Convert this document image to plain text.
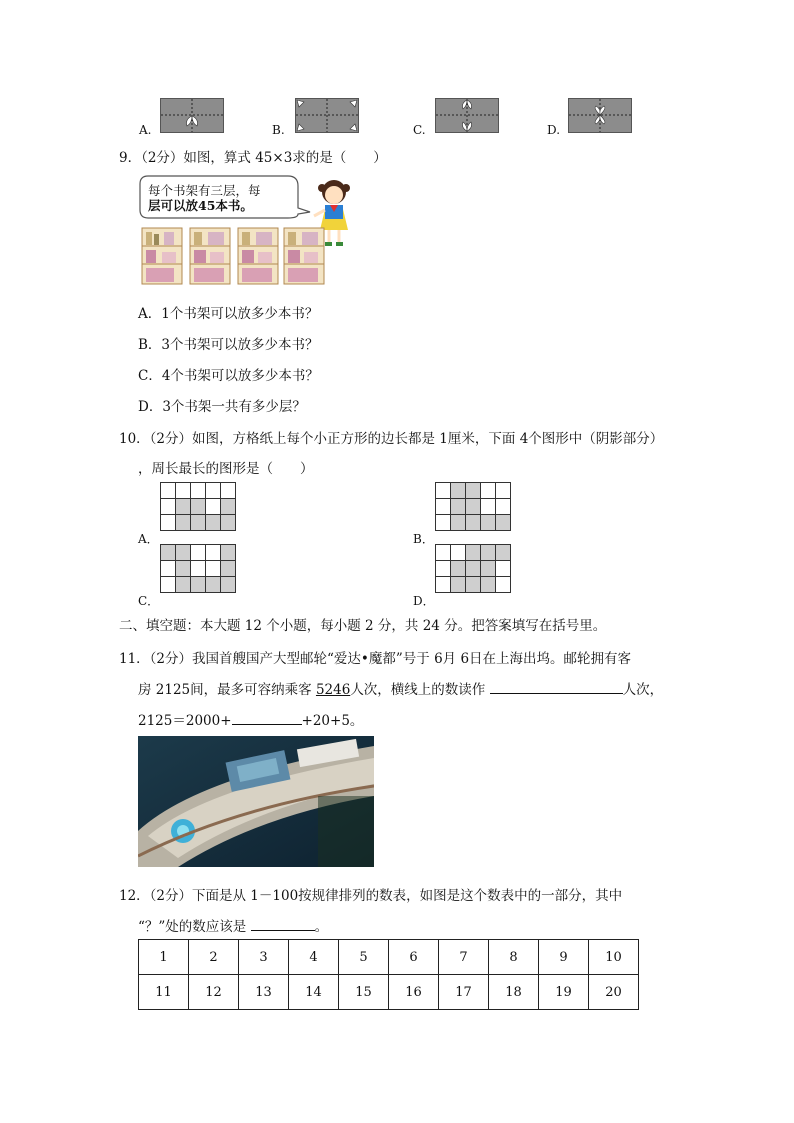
A.	B.	C.	D.
9．（2分）如图，算式 45×3求的是（　　）
每个书架有三层，每
层可以放45本书。
A．1个书架可以放多少本书？
B．3个书架可以放多少本书？
C．4个书架可以放多少本书？
D．3个书架一共有多少层？
10．（2分）如图，方格纸上每个小正方形的边长都是 1厘米，下面 4个图形中（阴影部分）
，周长最长的图形是（　　）
A．

					B．

C．

					D．

二、填空题：本大题 12 个小题，每小题 2 分，共 24 分。把答案填写在括号里。
11．（2分）我国首艘国产大型邮轮“爱达•魔都”号于 6月 6日在上海出坞。邮轮拥有客
房 2125间，最多可容纳乘客 5246人次，横线上的数读作	人次，
2125＝2000+	+20+5。
12．（2分）下面是从 1－100按规律排列的数表，如图是这个数表中的一部分，其中
“？”处的数应该是	。
1	2	3	4	5	6	7	8	9	10
11	12	13	14	15	16	17	18	19	20
